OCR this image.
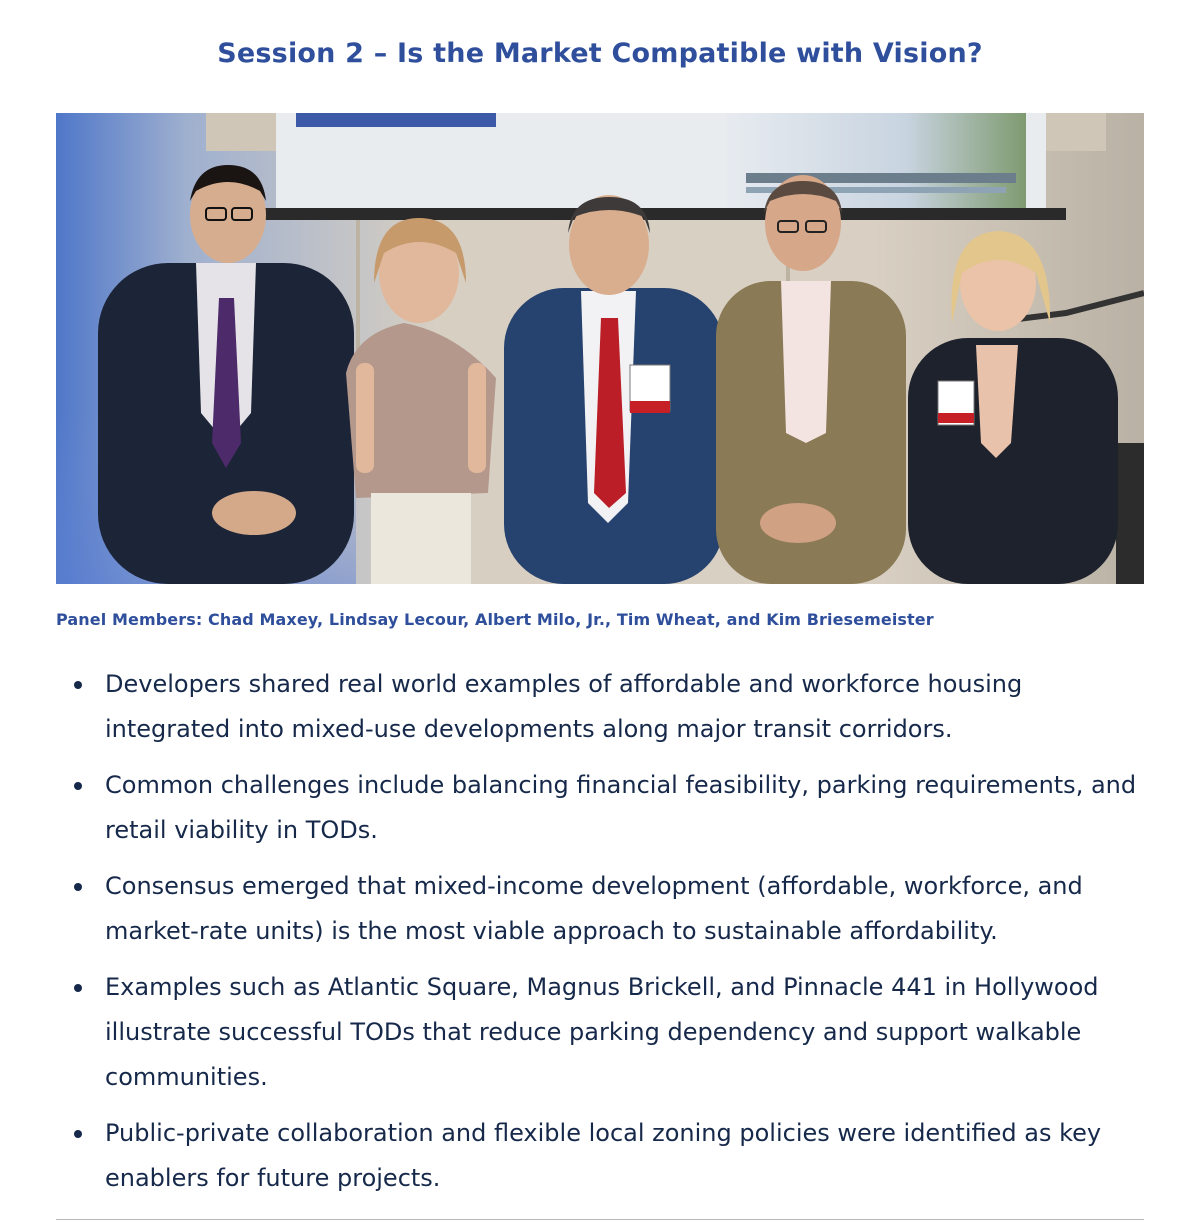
Session 2 – Is the Market Compatible with Vision?
Panel Members: Chad Maxey, Lindsay Lecour, Albert Milo, Jr., Tim Wheat, and Kim Briesemeister
Developers shared real world examples of affordable and workforce housing integrated into mixed-use developments along major transit corridors.
Common challenges include balancing financial feasibility, parking requirements, and retail viability in TODs.
Consensus emerged that mixed-income development (affordable, workforce, and market-rate units) is the most viable approach to sustainable affordability.
Examples such as Atlantic Square, Magnus Brickell, and Pinnacle 441 in Hollywood illustrate successful TODs that reduce parking dependency and support walkable communities.
Public-private collaboration and flexible local zoning policies were identified as key enablers for future projects.
